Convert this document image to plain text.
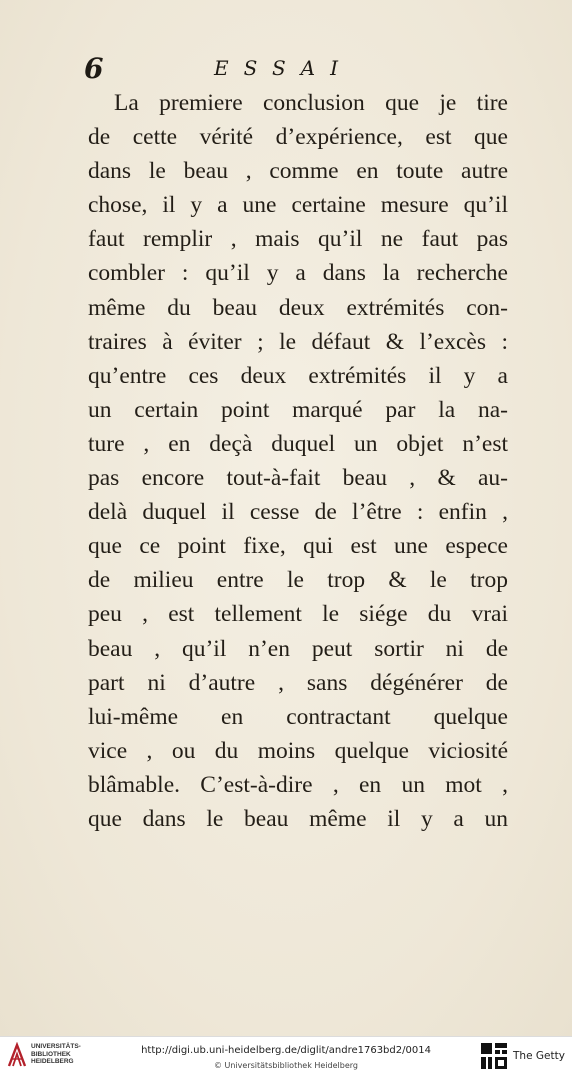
6	ESSAI
La premiere conclusion que je tire
de cette vérité d’expérience, est que
dans le beau , comme en toute autre
chose, il y a une certaine mesure qu’il
faut remplir , mais qu’il ne faut pas
combler : qu’il y a dans la recherche
même du beau deux extrémités con-
traires à éviter ; le défaut & l’excès :
qu’entre ces deux extrémités il y a
un certain point marqué par la na-
ture , en deçà duquel un objet n’est
pas encore tout-à-fait beau , & au-
delà duquel il cesse de l’être : enfin ,
que ce point fixe, qui est une espece
de milieu entre le trop & le trop
peu , est tellement le siége du vrai
beau , qu’il n’en peut sortir ni de
part ni d’autre , sans dégénérer de
lui-même en contractant quelque
vice , ou du moins quelque viciosité
blâmable. C’est-à-dire , en un mot ,
que dans le beau même il y a un
UNIVERSITÄTS-
BIBLIOTHEK
HEIDELBERG
http://digi.ub.uni-heidelberg.de/diglit/andre1763bd2/0014
© Universitätsbibliothek Heidelberg
The Getty
